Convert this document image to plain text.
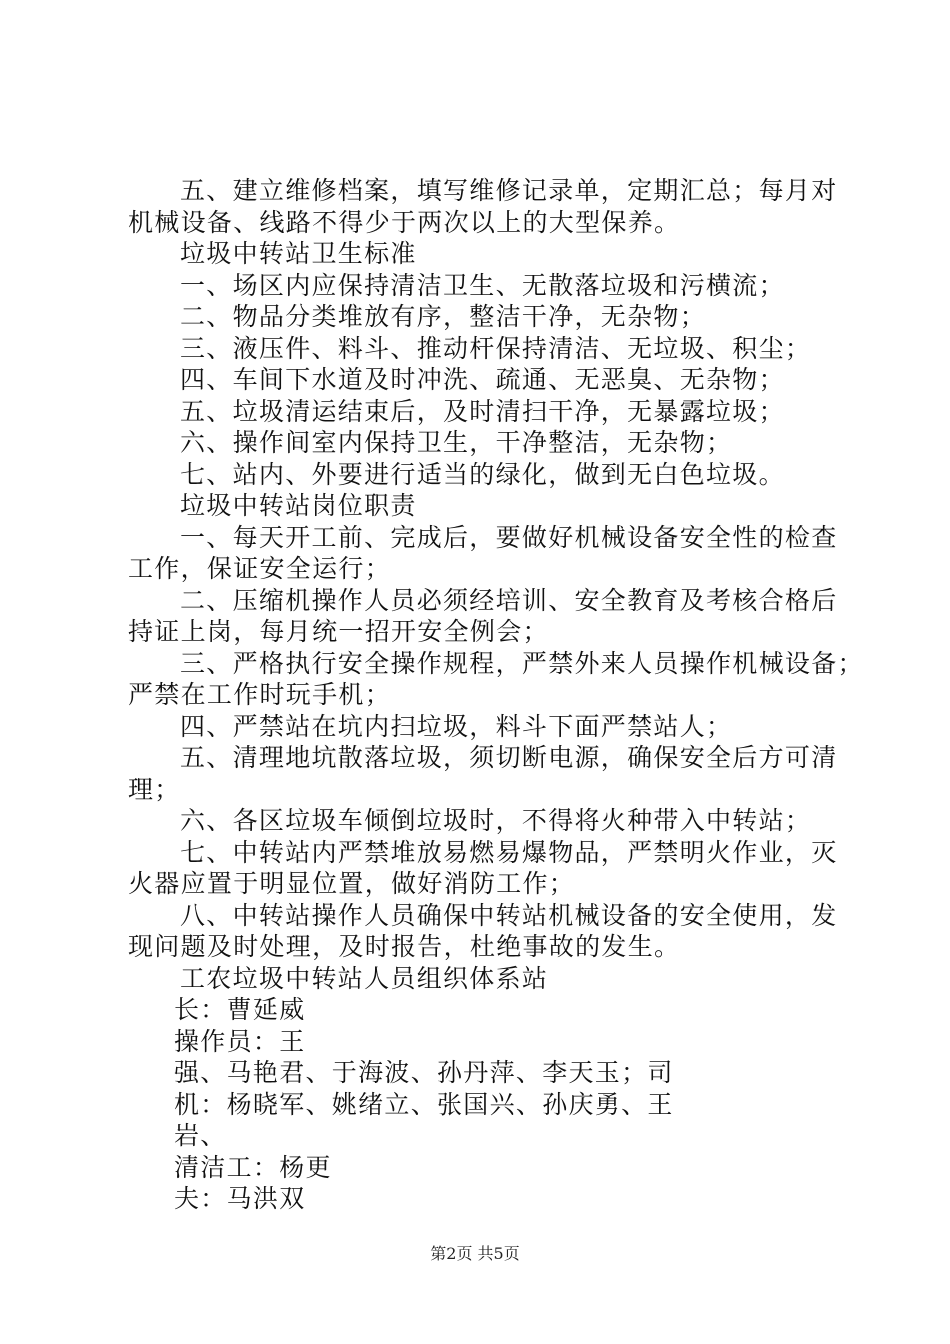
五、建立维修档案，填写维修记录单，定期汇总；每月对
机械设备、线路不得少于两次以上的大型保养。
垃圾中转站卫生标准
一、场区内应保持清洁卫生、无散落垃圾和污横流；
二、物品分类堆放有序，整洁干净，无杂物；
三、液压件、料斗、推动杆保持清洁、无垃圾、积尘；
四、车间下水道及时冲洗、疏通、无恶臭、无杂物；
五、垃圾清运结束后，及时清扫干净，无暴露垃圾；
六、操作间室内保持卫生，干净整洁，无杂物；
七、站内、外要进行适当的绿化，做到无白色垃圾。
垃圾中转站岗位职责
一、每天开工前、完成后，要做好机械设备安全性的检查
工作，保证安全运行；
二、压缩机操作人员必须经培训、安全教育及考核合格后
持证上岗，每月统一招开安全例会；
三、严格执行安全操作规程，严禁外来人员操作机械设备；
严禁在工作时玩手机；
四、严禁站在坑内扫垃圾，料斗下面严禁站人；
五、清理地坑散落垃圾，须切断电源，确保安全后方可清
理；
六、各区垃圾车倾倒垃圾时，不得将火种带入中转站；
七、中转站内严禁堆放易燃易爆物品，严禁明火作业，灭
火器应置于明显位置，做好消防工作；
八、中转站操作人员确保中转站机械设备的安全使用，发
现问题及时处理，及时报告，杜绝事故的发生。
工农垃圾中转站人员组织体系站
长：曹延威
操作员：王
强、马艳君、于海波、孙丹萍、李天玉；司
机：杨晓军、姚绪立、张国兴、孙庆勇、王
岩、
清洁工：杨更
夫：马洪双
第2页 共5页
